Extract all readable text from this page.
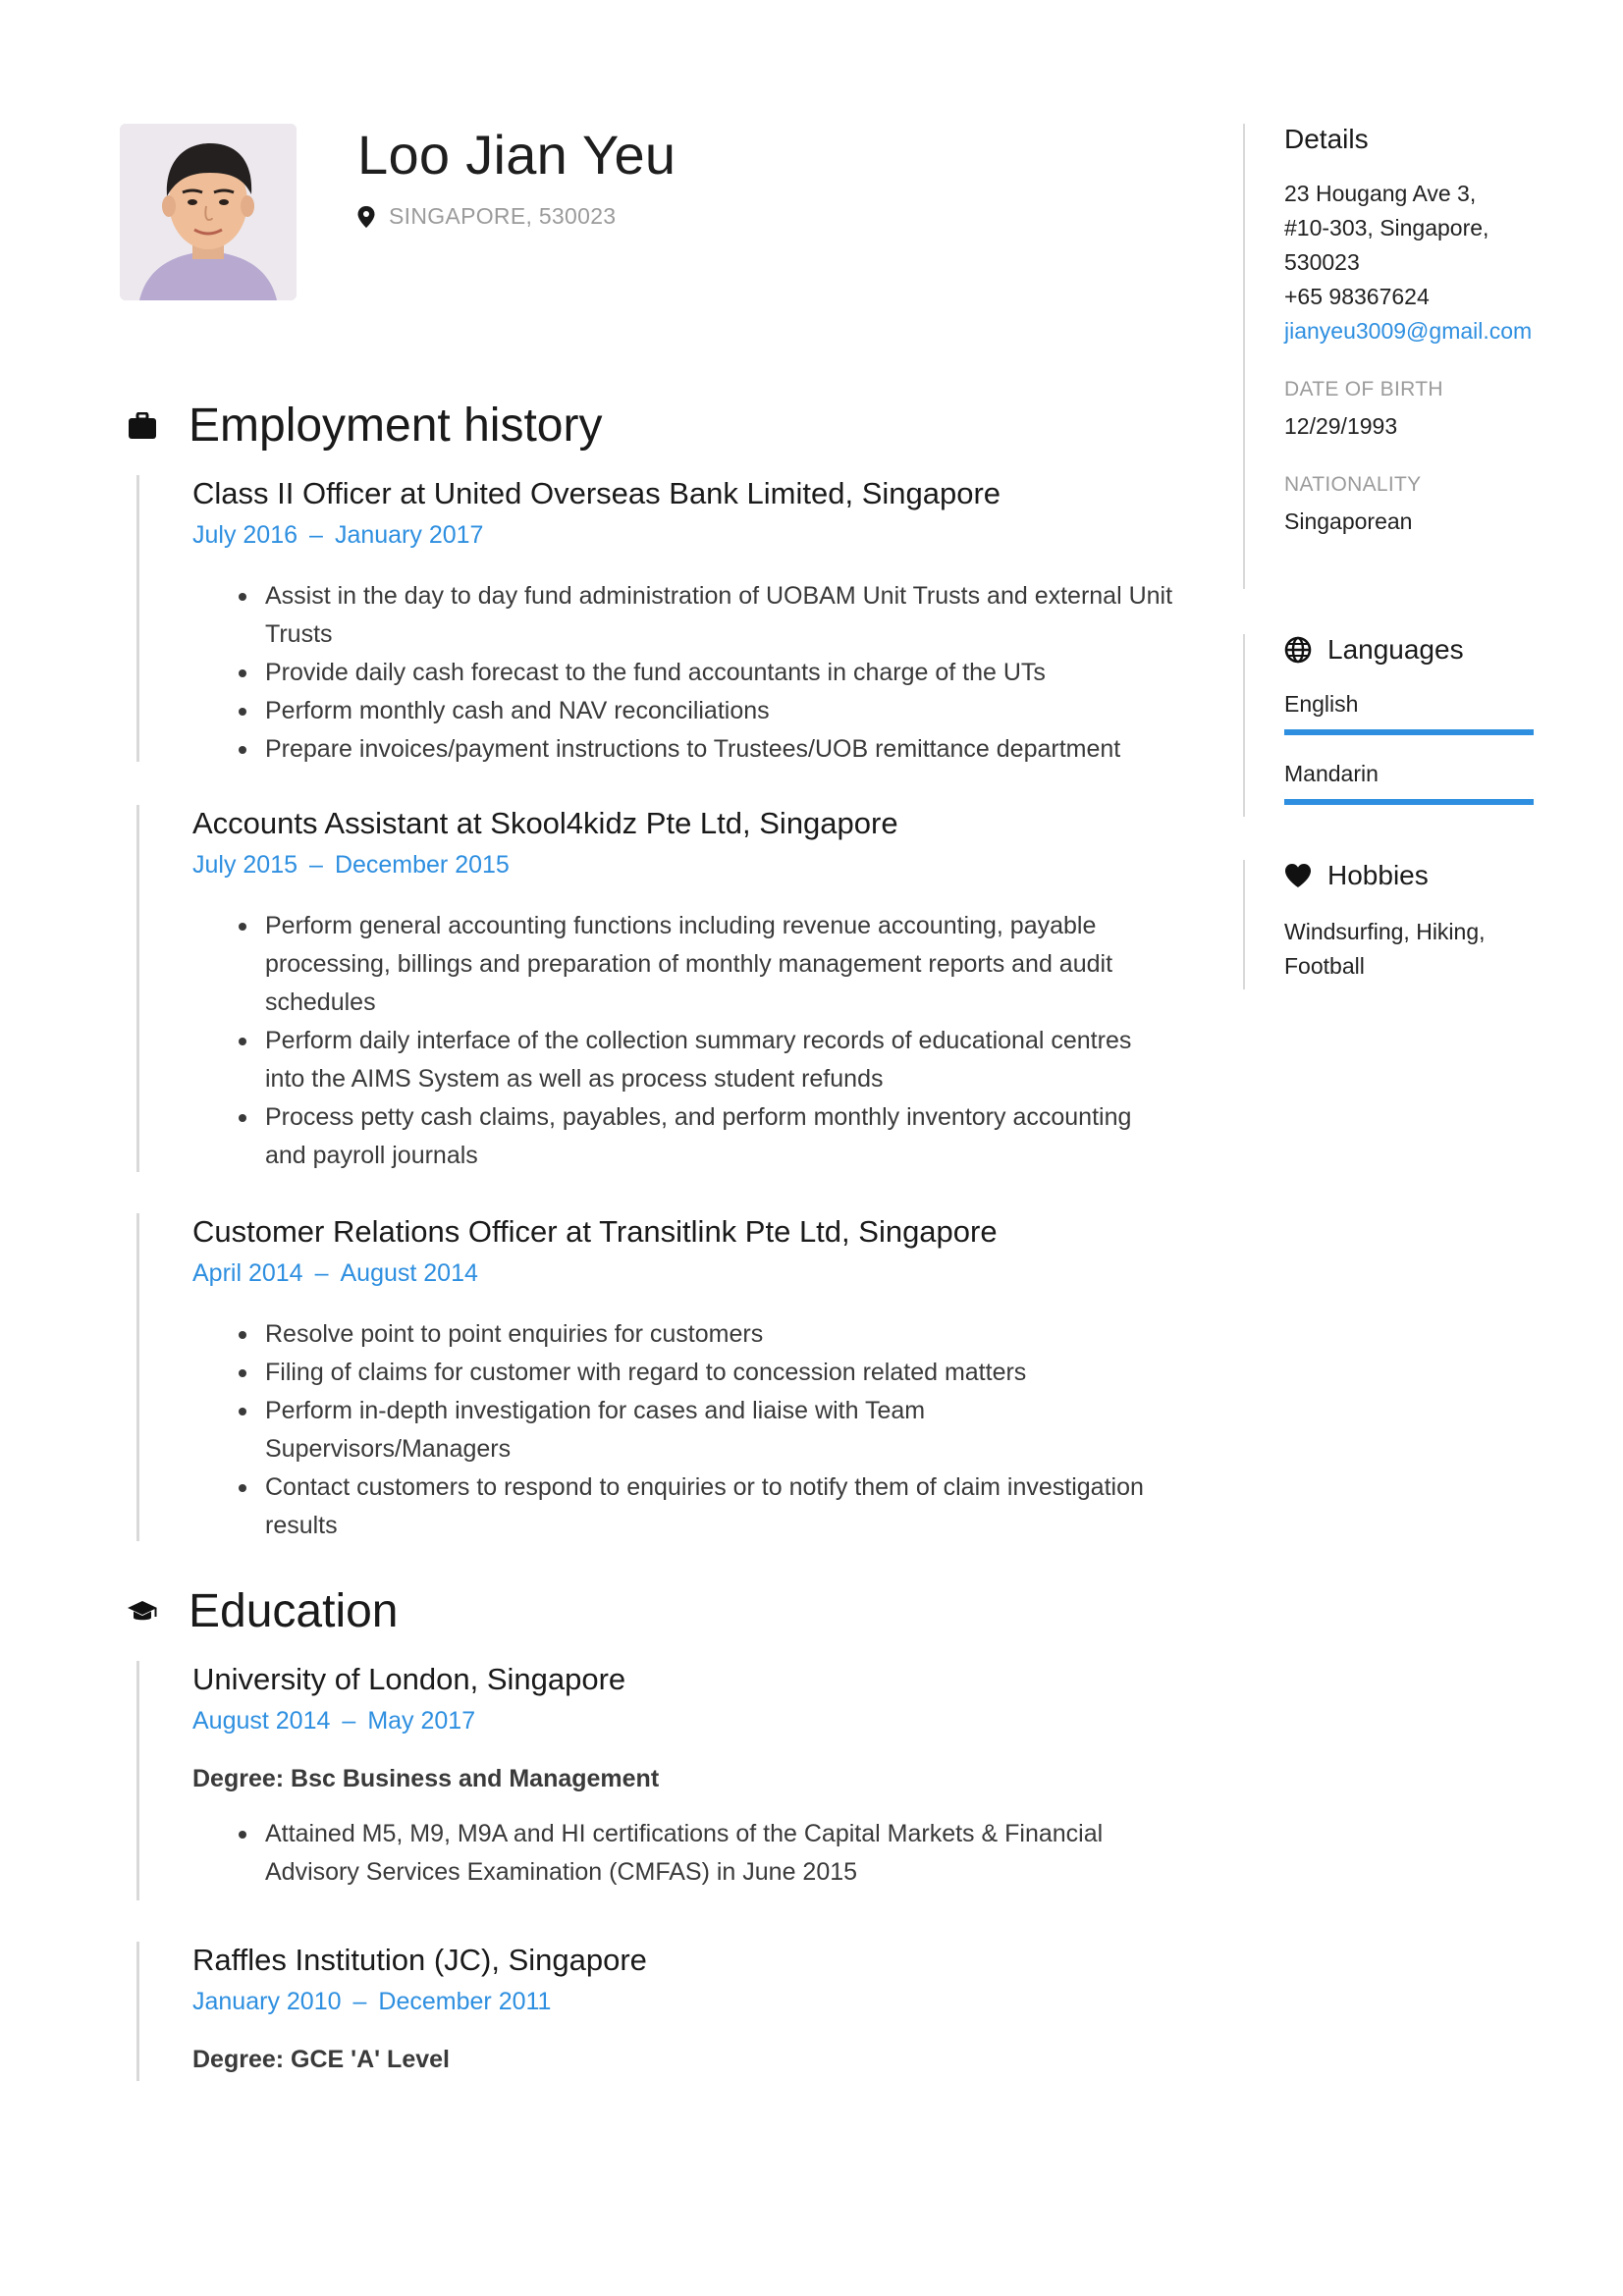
Loo Jian Yeu
SINGAPORE, 530023
Employment history
Class II Officer at United Overseas Bank Limited, Singapore
July 2016 – January 2017
Assist in the day to day fund administration of UOBAM Unit Trusts and external Unit Trusts
Provide daily cash forecast to the fund accountants in charge of the UTs
Perform monthly cash and NAV reconciliations
Prepare invoices/payment instructions to Trustees/UOB remittance department
Accounts Assistant at Skool4kidz Pte Ltd, Singapore
July 2015 – December 2015
Perform general accounting functions including revenue accounting, payable processing, billings and preparation of monthly management reports and audit schedules
Perform daily interface of the collection summary records of educational centres into the AIMS System as well as process student refunds
Process petty cash claims, payables, and perform monthly inventory accounting and payroll journals
Customer Relations Officer at Transitlink Pte Ltd, Singapore
April 2014 – August 2014
Resolve point to point enquiries for customers
Filing of claims for customer with regard to concession related matters
Perform in-depth investigation for cases and liaise with Team Supervisors/Managers
Contact customers to respond to enquiries or to notify them of claim investigation results
Education
University of London, Singapore
August 2014 – May 2017
Degree: Bsc Business and Management
Attained M5, M9, M9A and HI certifications of the Capital Markets & Financial Advisory Services Examination (CMFAS) in June 2015
Raffles Institution (JC), Singapore
January 2010 – December 2011
Degree: GCE 'A' Level
Details
23 Hougang Ave 3,
#10-303, Singapore,
530023
+65 98367624
jianyeu3009@gmail.com
DATE OF BIRTH
12/29/1993
NATIONALITY
Singaporean
Languages
English
Mandarin
Hobbies
Windsurfing, Hiking,
Football
